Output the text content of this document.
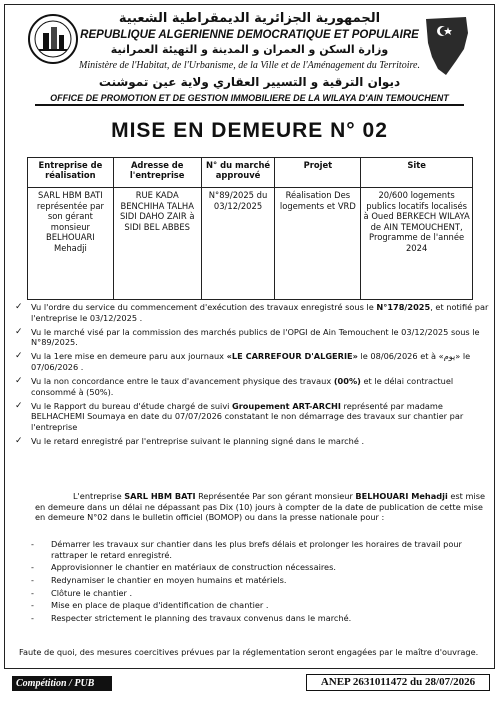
الجمهورية الجزائرية الديمقراطية الشعبية
REPUBLIQUE ALGERIENNE DEMOCRATIQUE ET POPULAIRE
وزارة السكن و العمران و المدينة و التهيئة العمرانية
Ministère de l'Habitat, de l'Urbanisme, de la Ville et de l'Aménagement du Territoire.
ديوان الترقية و التسيير العقاري ولاية عين تموشنت
OFFICE DE PROMOTION ET DE GESTION IMMOBILIERE DE LA WILAYA D'AIN TEMOUCHENT
MISE EN DEMEURE N° 02
Entreprise de réalisation	Adresse de l'entreprise	N° du marché approuvé	Projet	Site
SARL HBM BATI représentée par son gérant monsieur BELHOUARI Mehadji	RUE KADA BENCHIHA TALHA SIDI DAHO ZAIR à SIDI BEL ABBES	N°89/2025 du 03/12/2025	Réalisation Des logements et VRD	20/600 logements publics locatifs localisés à Oued BERKECH WILAYA de AIN TEMOUCHENT, Programme de l'année 2024
✓	Vu l'ordre du service du commencement d'exécution des travaux enregistré sous le N°178/2025, et notifié par l'entreprise le 03/12/2025 .
✓	Vu le marché visé par la commission des marchés publics de l'OPGI de Ain Temouchent le 03/12/2025 sous le N°89/2025.
✓	Vu la 1ere mise en demeure paru aux journaux «LE CARREFOUR D'ALGERIE» le 08/06/2026 et à «يوم» le 07/06/2026 .
✓	Vu la non concordance entre le taux d'avancement physique des travaux (00%) et le délai contractuel consommé à (50%).
✓	Vu le Rapport du bureau d'étude chargé de suivi Groupement ART-ARCHI représenté par madame BELHACHEMI Soumaya en date du 07/07/2026 constatant le non démarrage des travaux sur chantier par l'entreprise
✓	Vu le retard enregistré par l'entreprise suivant le planning signé dans le marché .
L'entreprise SARL HBM BATI Représentée Par son gérant monsieur BELHOUARI Mehadji est mise en demeure dans un délai ne dépassant pas Dix (10) jours à compter de la date de publication de cette mise en demeure N°02 dans le bulletin officiel (BOMOP) ou dans la presse nationale pour :
-	Démarrer les travaux sur chantier dans les plus brefs délais et prolonger les horaires de travail pour rattraper le retard enregistré.
-	Approvisionner le chantier en matériaux de construction nécessaires.
-	Redynamiser le chantier en moyen humains et matériels.
-	Clôture le chantier .
-	Mise en place de plaque d'identification de chantier .
-	Respecter strictement le planning des travaux convenus dans le marché.
Faute de quoi, des mesures coercitives prévues par la réglementation seront engagées par le maître d'ouvrage.
Compétition / PUB	ANEP 2631011472 du 28/07/2026
